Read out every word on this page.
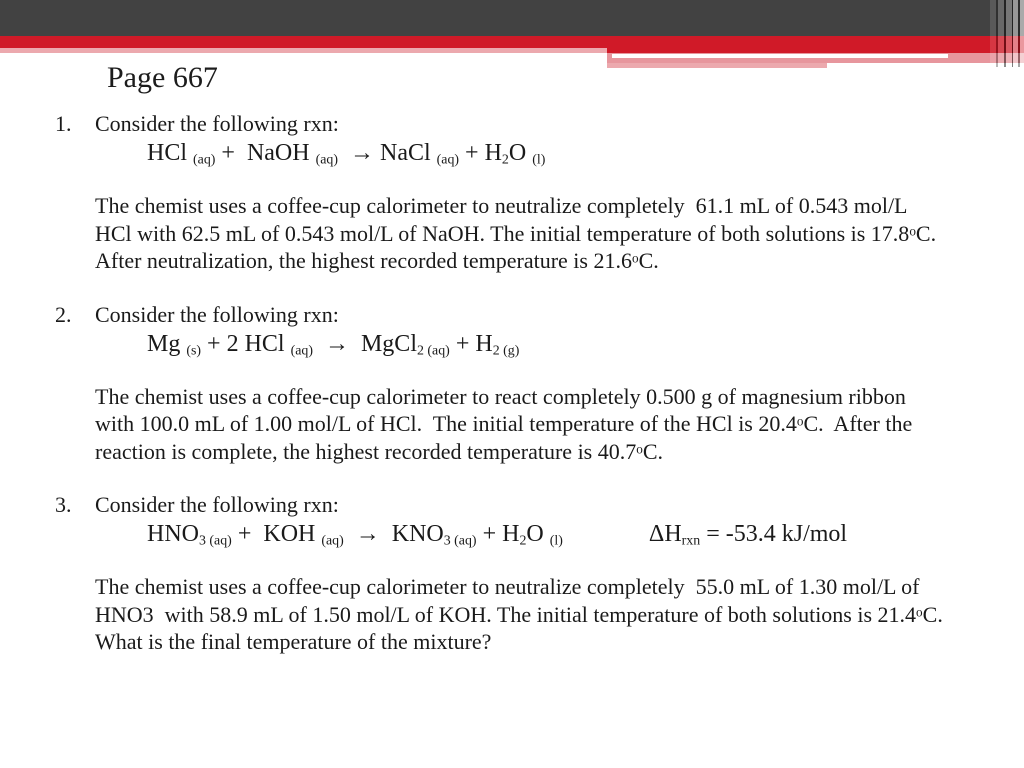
Page 667
1. Consider the following rxn:
HCl $_{(aq)}$ +  NaOH $_{(aq)}$  → NaCl $_{(aq)} + H_2O$ $_{(l)}$

The chemist uses a coffee-cup calorimeter to neutralize completely  61.1 mL of 0.543 mol/L HCl with 62.5 mL of 0.543 mol/L of NaOH. The initial temperature of both solutions is 17.8$^o$C.  After neutralization, the highest recorded temperature is 21.6$^o$C.

2. Consider the following rxn:
Mg $_{(s)}$ + 2 HCl $_{(aq)}$  →  MgCl$_{2 (aq)}$ + $H_{2 (g)}$

The chemist uses a coffee-cup calorimeter to react completely 0.500 g of magnesium ribbon with 100.0 mL of 1.00 mol/L of HCl.  The initial temperature of the HCl is 20.4$^o$C.  After the reaction is complete, the highest recorded temperature is 40.7$^o$C.

3. Consider the following rxn:
$HNO_{3 (aq)}$ +  KOH $_{(aq)} \to KNO_{3 (aq)} + H_2O$ $_{(l)}$	$\Delta H_{rxn} = -53.4$ kJ/mol

The chemist uses a coffee-cup calorimeter to neutralize completely  55.0 mL of 1.30 mol/L of HNO3  with 58.9 mL of 1.50 mol/L of KOH. The initial temperature of both solutions is 21.4$^o$C.  What is the final temperature of the mixture?
